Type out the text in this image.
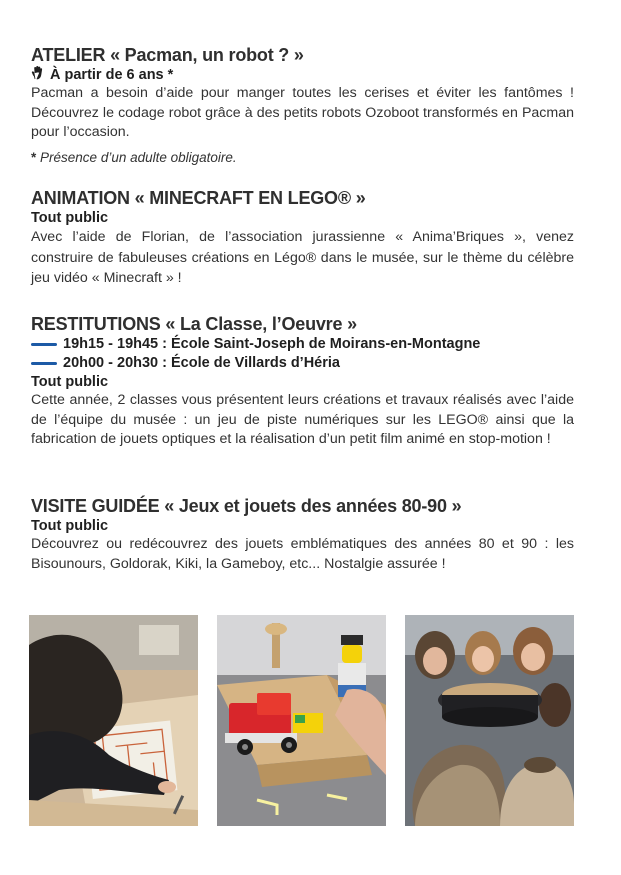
ATELIER « Pacman, un robot ? »
À partir de 6 ans *

Pacman a besoin d’aide pour manger toutes les cerises et éviter les fantômes ! Découvrez le codage robot grâce à des petits robots Ozoboot transformés en Pacman pour l’occasion.

* Présence d’un adulte obligatoire.
ANIMATION « MINECRAFT EN LEGO® »
Tout public

Avec l’aide de Florian, de l’association jurassienne « Anima’Briques », venez construire de fabuleuses créations en Légo® dans le musée, sur le thème du célèbre jeu vidéo « Minecraft » !

RESTITUTIONS « La Classe, l’Oeuvre »
19h15 - 19h45 : École Saint-Joseph de Moirans-en-Montagne
20h00 - 20h30 : École de Villards d’Héria
Tout public

Cette année, 2 classes vous présentent leurs créations et travaux réalisés avec l’aide de l’équipe du musée : un jeu de piste numériques sur les LEGO® ainsi que la fabrication de jouets optiques et la réalisation d’un petit film animé en stop-motion !

VISITE GUIDÉE « Jeux et jouets des années 80-90 »
Tout public

Découvrez ou redécouvrez des jouets emblématiques des années 80 et 90 : les Bisounours, Goldorak, Kiki, la Gameboy, etc... Nostalgie assurée !
